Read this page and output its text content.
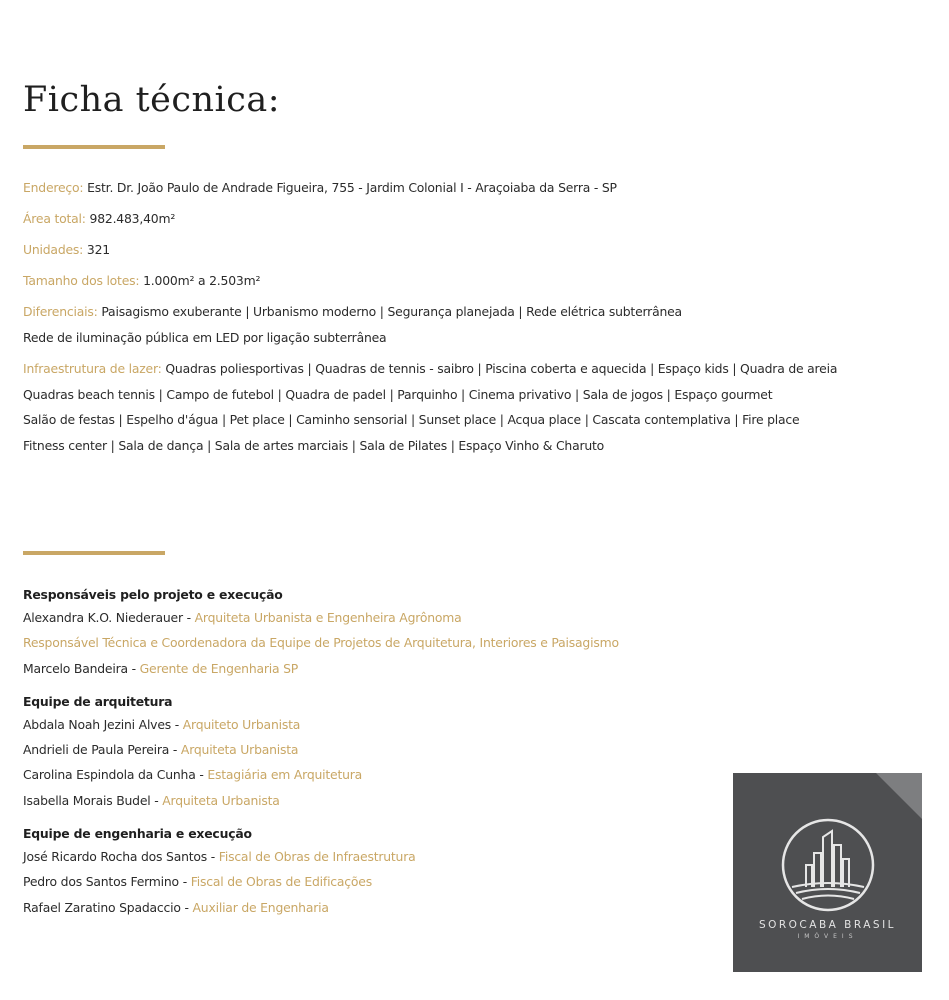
Ficha técnica:
Endereço: Estr. Dr. João Paulo de Andrade Figueira, 755 - Jardim Colonial I - Araçoiaba da Serra - SP
Área total: 982.483,40m²
Unidades: 321
Tamanho dos lotes: 1.000m² a 2.503m²
Diferenciais: Paisagismo exuberante | Urbanismo moderno | Segurança planejada | Rede elétrica subterrânea
Rede de iluminação pública em LED por ligação subterrânea
Infraestrutura de lazer: Quadras poliesportivas | Quadras de tennis - saibro | Piscina coberta e aquecida | Espaço kids | Quadra de areia
Quadras beach tennis | Campo de futebol | Quadra de padel | Parquinho | Cinema privativo | Sala de jogos | Espaço gourmet
Salão de festas | Espelho d'água | Pet place | Caminho sensorial | Sunset place | Acqua place | Cascata contemplativa | Fire place
Fitness center | Sala de dança | Sala de artes marciais | Sala de Pilates | Espaço Vinho & Charuto
Responsáveis pelo projeto e execução
Alexandra K.O. Niederauer - Arquiteta Urbanista e Engenheira Agrônoma
Responsável Técnica e Coordenadora da Equipe de Projetos de Arquitetura, Interiores e Paisagismo
Marcelo Bandeira - Gerente de Engenharia SP
Equipe de arquitetura
Abdala Noah Jezini Alves - Arquiteto Urbanista
Andrieli de Paula Pereira - Arquiteta Urbanista
Carolina Espindola da Cunha - Estagiária em Arquitetura
Isabella Morais Budel - Arquiteta Urbanista
Equipe de engenharia e execução
José Ricardo Rocha dos Santos - Fiscal de Obras de Infraestrutura
Pedro dos Santos Fermino - Fiscal de Obras de Edificações
Rafael Zaratino Spadaccio - Auxiliar de Engenharia
SOROCABA BRASIL
IMÓVEIS
